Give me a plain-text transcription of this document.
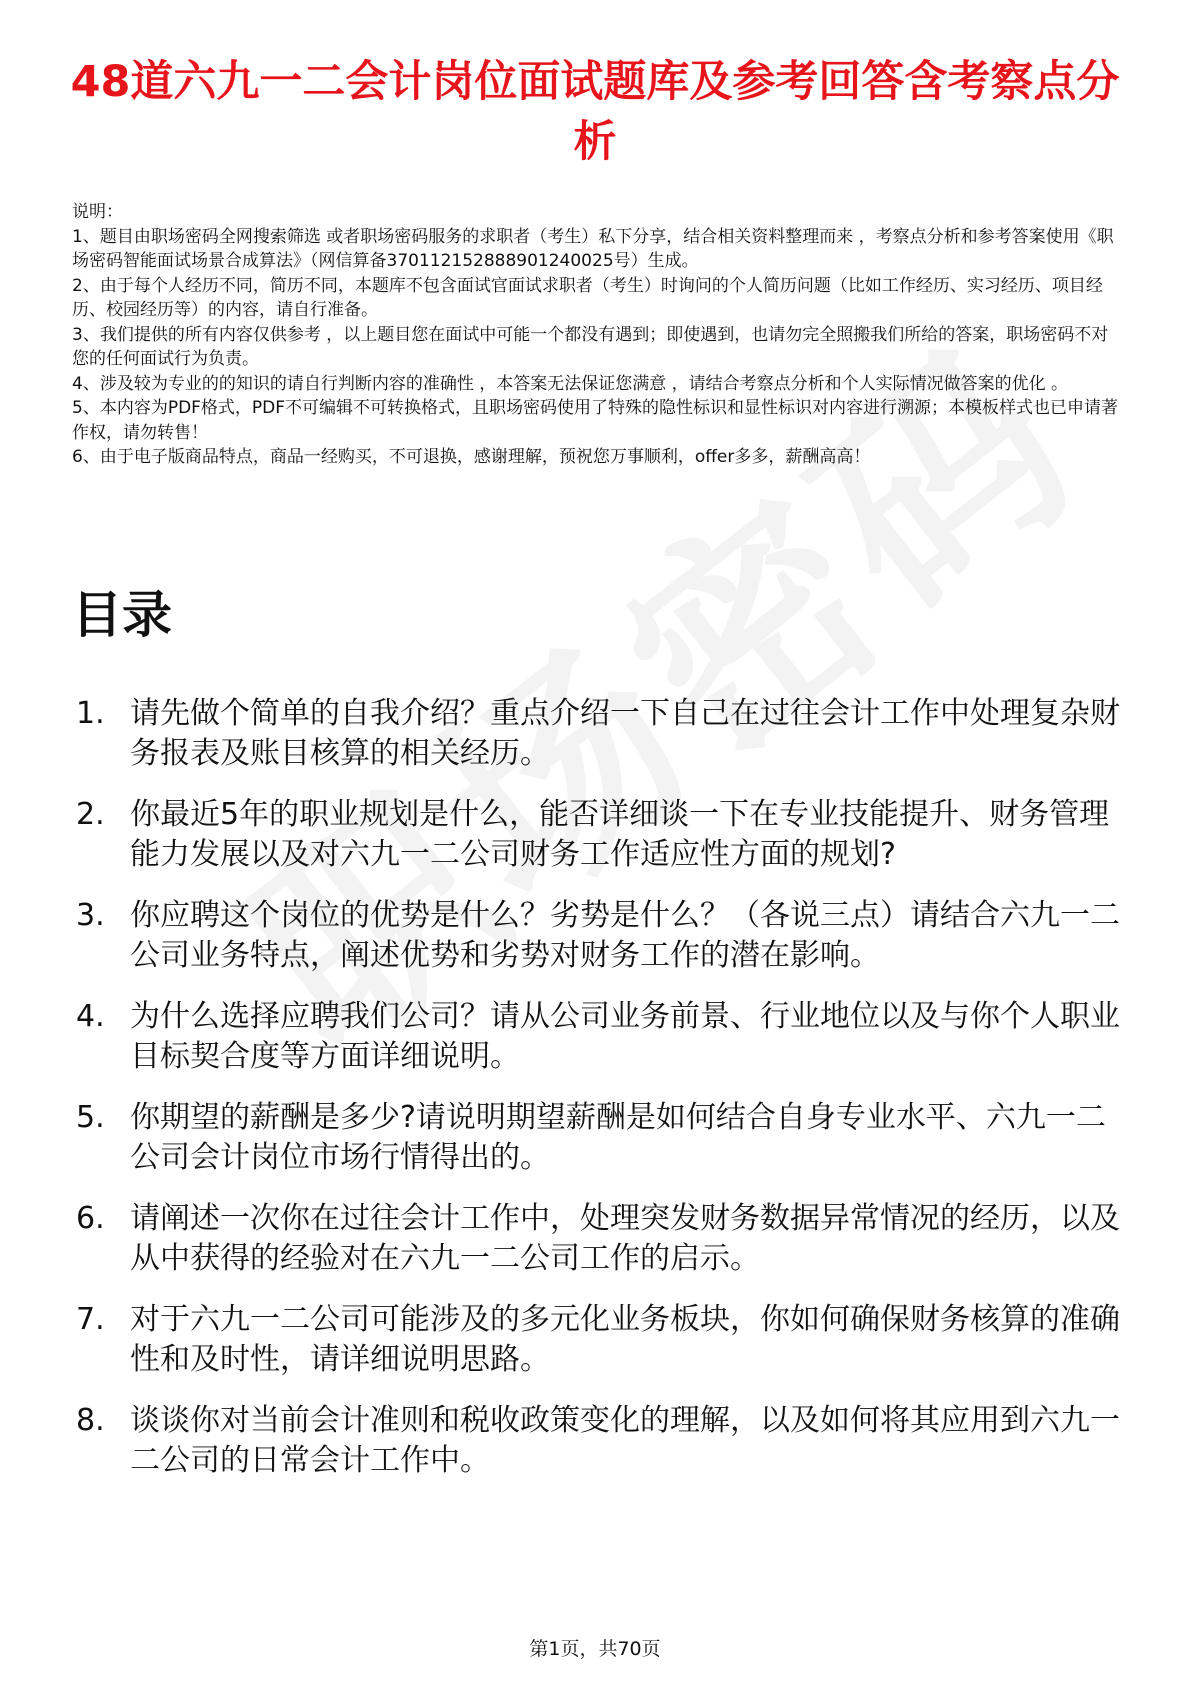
48道六九一二会计岗位面试题库及参考回答含考察点分析

说明：

1、题目由职场密码全网搜索筛选 或者职场密码服务的求职者（考生）私下分享，结合相关资料整理而来 ，考察点分析和参考答案使用《职场密码智能面试场景合成算法》（网信算备370112152888901240025号）生成。

2、由于每个人经历不同，简历不同，本题库不包含面试官面试求职者（考生）时询问的个人简历问题（比如工作经历、实习经历、项目经历、校园经历等）的内容，请自行准备。

3、我们提供的所有内容仅供参考 ，以上题目您在面试中可能一个都没有遇到；即使遇到，也请勿完全照搬我们所给的答案，职场密码不对您的任何面试行为负责。

4、涉及较为专业的的知识的请自行判断内容的准确性 ，本答案无法保证您满意 ，请结合考察点分析和个人实际情况做答案的优化 。

5、本内容为PDF格式，PDF不可编辑不可转换格式，且职场密码使用了特殊的隐性标识和显性标识对内容进行溯源；本模板样式也已申请著作权，请勿转售！

6、由于电子版商品特点，商品一经购买，不可退换，感谢理解，预祝您万事顺利，offer多多，薪酬高高！

目录
1. 请先做个简单的自我介绍？重点介绍一下自己在过往会计工作中处理复杂财务报表及账目核算的相关经历。
2. 你最近5年的职业规划是什么，能否详细谈一下在专业技能提升、财务管理能力发展以及对六九一二公司财务工作适应性方面的规划?
3. 你应聘这个岗位的优势是什么？劣势是什么？（各说三点）请结合六九一二公司业务特点，阐述优势和劣势对财务工作的潜在影响。
4. 为什么选择应聘我们公司？请从公司业务前景、行业地位以及与你个人职业目标契合度等方面详细说明。
5. 你期望的薪酬是多少?请说明期望薪酬是如何结合自身专业水平、六九一二公司会计岗位市场行情得出的。
6. 请阐述一次你在过往会计工作中，处理突发财务数据异常情况的经历，以及从中获得的经验对在六九一二公司工作的启示。
7. 对于六九一二公司可能涉及的多元化业务板块，你如何确保财务核算的准确性和及时性，请详细说明思路。
8. 谈谈你对当前会计准则和税收政策变化的理解，以及如何将其应用到六九一二公司的日常会计工作中。
第1页，共70页
